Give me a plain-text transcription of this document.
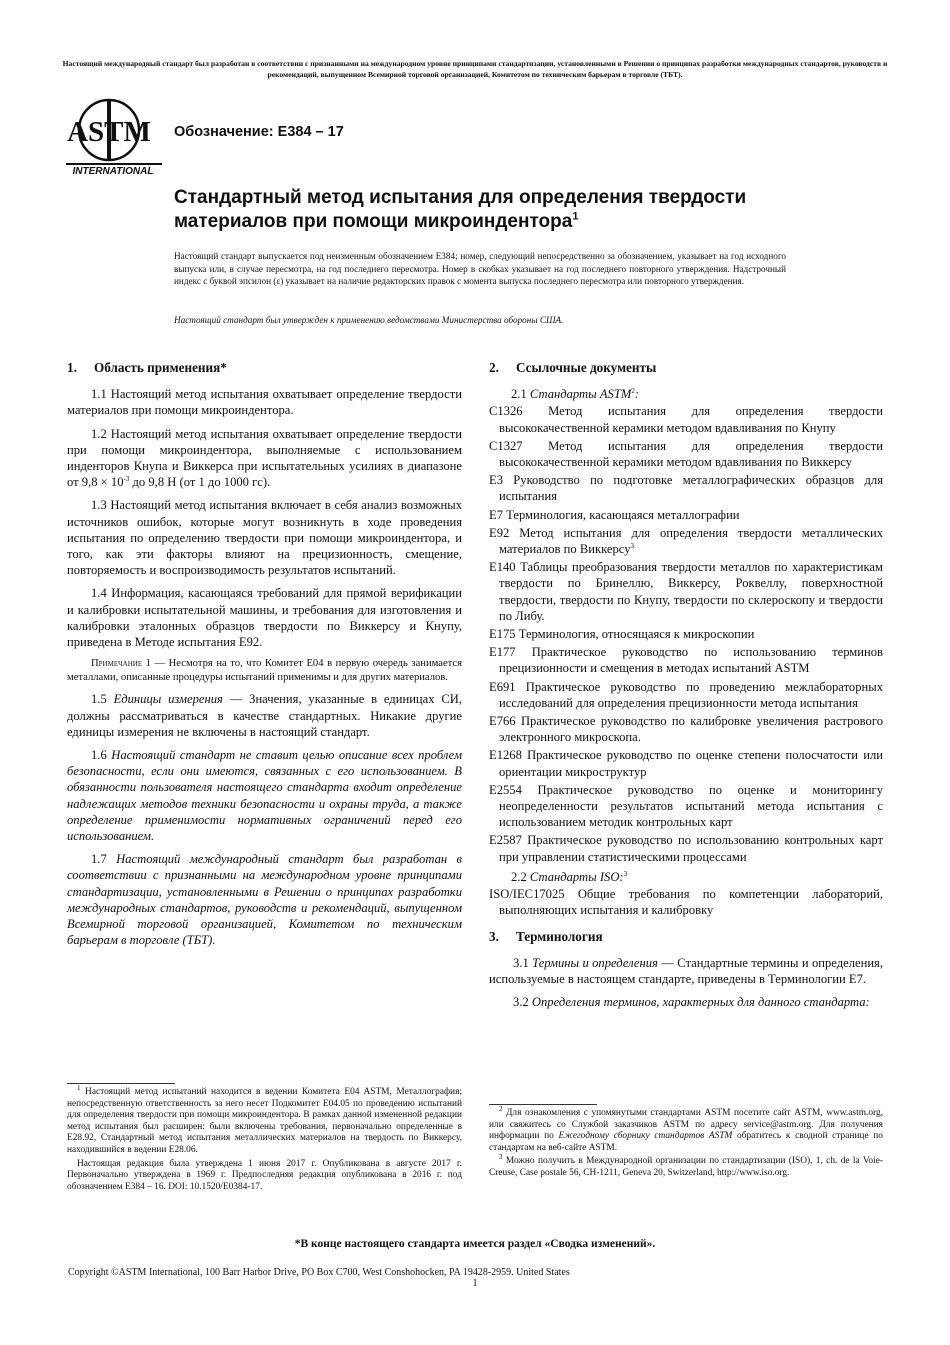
Настоящий международный стандарт был разработан в соответствии с признанными на международном уровне принципами стандартизации, установленными в Решении о принципах разработки международных стандартов, руководств и рекомендаций, выпущенном Всемирной торговой организацией, Комитетом по техническим барьерам в торговле (ТБТ).
ASTM
INTERNATIONAL
Обозначение: E384 – 17
Стандартный метод испытания для определения твердости материалов при помощи микроиндентора$^1$
Настоящий стандарт выпускается под неизменным обозначением E384; номер, следующий непосредственно за обозначением, указывает на год исходного выпуска или, в случае пересмотра, на год последнего пересмотра. Номер в скобках указывает на год последнего повторного утверждения. Надстрочный индекс с буквой эпсилон (ε) указывает на наличие редакторских правок с момента выпуска последнего пересмотра или повторного утверждения.
Настоящий стандарт был утвержден к применению ведомствами Министерства обороны США.
1. Область применения*

1.1 Настоящий метод испытания охватывает определение твердости материалов при помощи микроиндентора.

1.2 Настоящий метод испытания охватывает определение твердости при помощи микроиндентора, выполняемые с использованием инденторов Кнупа и Виккерса при испытательных усилиях в диапазоне от $9,8 \times 10^{-3}$ до 9,8 Н (от 1 до 1000 гс).

1.3 Настоящий метод испытания включает в себя анализ возможных источников ошибок, которые могут возникнуть в ходе проведения испытания по определению твердости при помощи микроиндентора, и того, как эти факторы влияют на прецизионность, смещение, повторяемость и воспроизводимость результатов испытаний.

1.4 Информация, касающаяся требований для прямой верификации и калибровки испытательной машины, и требования для изготовления и калибровки эталонных образцов твердости по Виккерсу и Кнупу, приведена в Методе испытания E92.

Примечание 1 — Несмотря на то, что Комитет E04 в первую очередь занимается металлами, описанные процедуры испытаний применимы и для других материалов.

1.5 Единицы измерения — Значения, указанные в единицах СИ, должны рассматриваться в качестве стандартных. Никакие другие единицы измерения не включены в настоящий стандарт.

1.6 Настоящий стандарт не ставит целью описание всех проблем безопасности, если они имеются, связанных с его использованием. В обязанности пользователя настоящего стандарта входит определение надлежащих методов техники безопасности и охраны труда, а также определение применимости нормативных ограничений перед его использованием.

1.7 Настоящий международный стандарт был разработан в соответствии с признанными на международном уровне принципами стандартизации, установленными в Решении о принципах разработки международных стандартов, руководств и рекомендаций, выпущенном Всемирной торговой организацией, Комитетом по техническим барьерам в торговле (ТБТ).

2. Ссылочные документы

2.1 Стандарты ASTM$^2$:

C1326 Метод испытания для определения твердости высококачественной керамики методом вдавливания по Кнупу
C1327 Метод испытания для определения твердости высококачественной керамики методом вдавливания по Виккерсу
E3 Руководство по подготовке металлографических образцов для испытания
E7 Терминология, касающаяся металлографии
E92 Метод испытания для определения твердости металлических материалов по Виккерсу$^3$
E140 Таблицы преобразования твердости металлов по характеристикам твердости по Бринеллю, Виккерсу, Роквеллу, поверхностной твердости, твердости по Кнупу, твердости по склероскопу и твердости по Либу.
E175 Терминология, относящаяся к микроскопии
E177 Практическое руководство по использованию терминов прецизионности и смещения в методах испытаний ASTM
E691 Практическое руководство по проведению межлабораторных исследований для определения прецизионности метода испытания
E766 Практическое руководство по калибровке увеличения растрового электронного микроскопа.
E1268 Практическое руководство по оценке степени полосчатости или ориентации микроструктур
E2554 Практическое руководство по оценке и мониторингу неопределенности результатов испытаний метода испытания с использованием методик контрольных карт
E2587 Практическое руководство по использованию контрольных карт при управлении статистическими процессами

2.2 Стандарты ISO:$^3$

ISO/IEC17025 Общие требования по компетенции лабораторий, выполняющих испытания и калибровку
3. Терминология

3.1 Термины и определения — Стандартные термины и определения, используемые в настоящем стандарте, приведены в Терминологии E7.

3.2 Определения терминов, характерных для данного стандарта:

$^1$ Настоящий метод испытаний находится в ведении Комитета E04 ASTM, Металлография; непосредственную ответственность за него несет Подкомитет E04.05 по проведению испытаний для определения твердости при помощи микроиндентора. В рамках данной измененной редакции метод испытания был расширен: были включены требования, первоначально определенные в E28.92, Стандартный метод испытания металлических материалов на твердость по Виккерсу, находившийся в ведении E28.06.

Настоящая редакция была утверждена 1 июня 2017 г. Опубликована в августе 2017 г. Первоначально утверждена в 1969 г. Предпоследняя редакция опубликована в 2016 г. под обозначением E384 – 16. DOI: 10.1520/E0384-17.

$^2$ Для ознакомления с упомянутыми стандартами ASTM посетите сайт ASTM, www.astm.org, или свяжитесь со Службой заказчиков ASTM по адресу service@astm.org. Для получения информации по Ежегодному сборнику стандартов ASTM обратитесь к сводной странице по стандартам на веб-сайте ASTM.

$^3$ Можно получить в Международной организации по стандартизации (ISO), 1, ch. de la Voie-Creuse, Case postale 56, CH-1211, Geneva 20, Switzerland, http://www.iso.org.

*В конце настоящего стандарта имеется раздел «Сводка изменений».
Copyright ©ASTM International, 100 Barr Harbor Drive, PO Box C700, West Conshohocken, PA 19428-2959. United States
1
